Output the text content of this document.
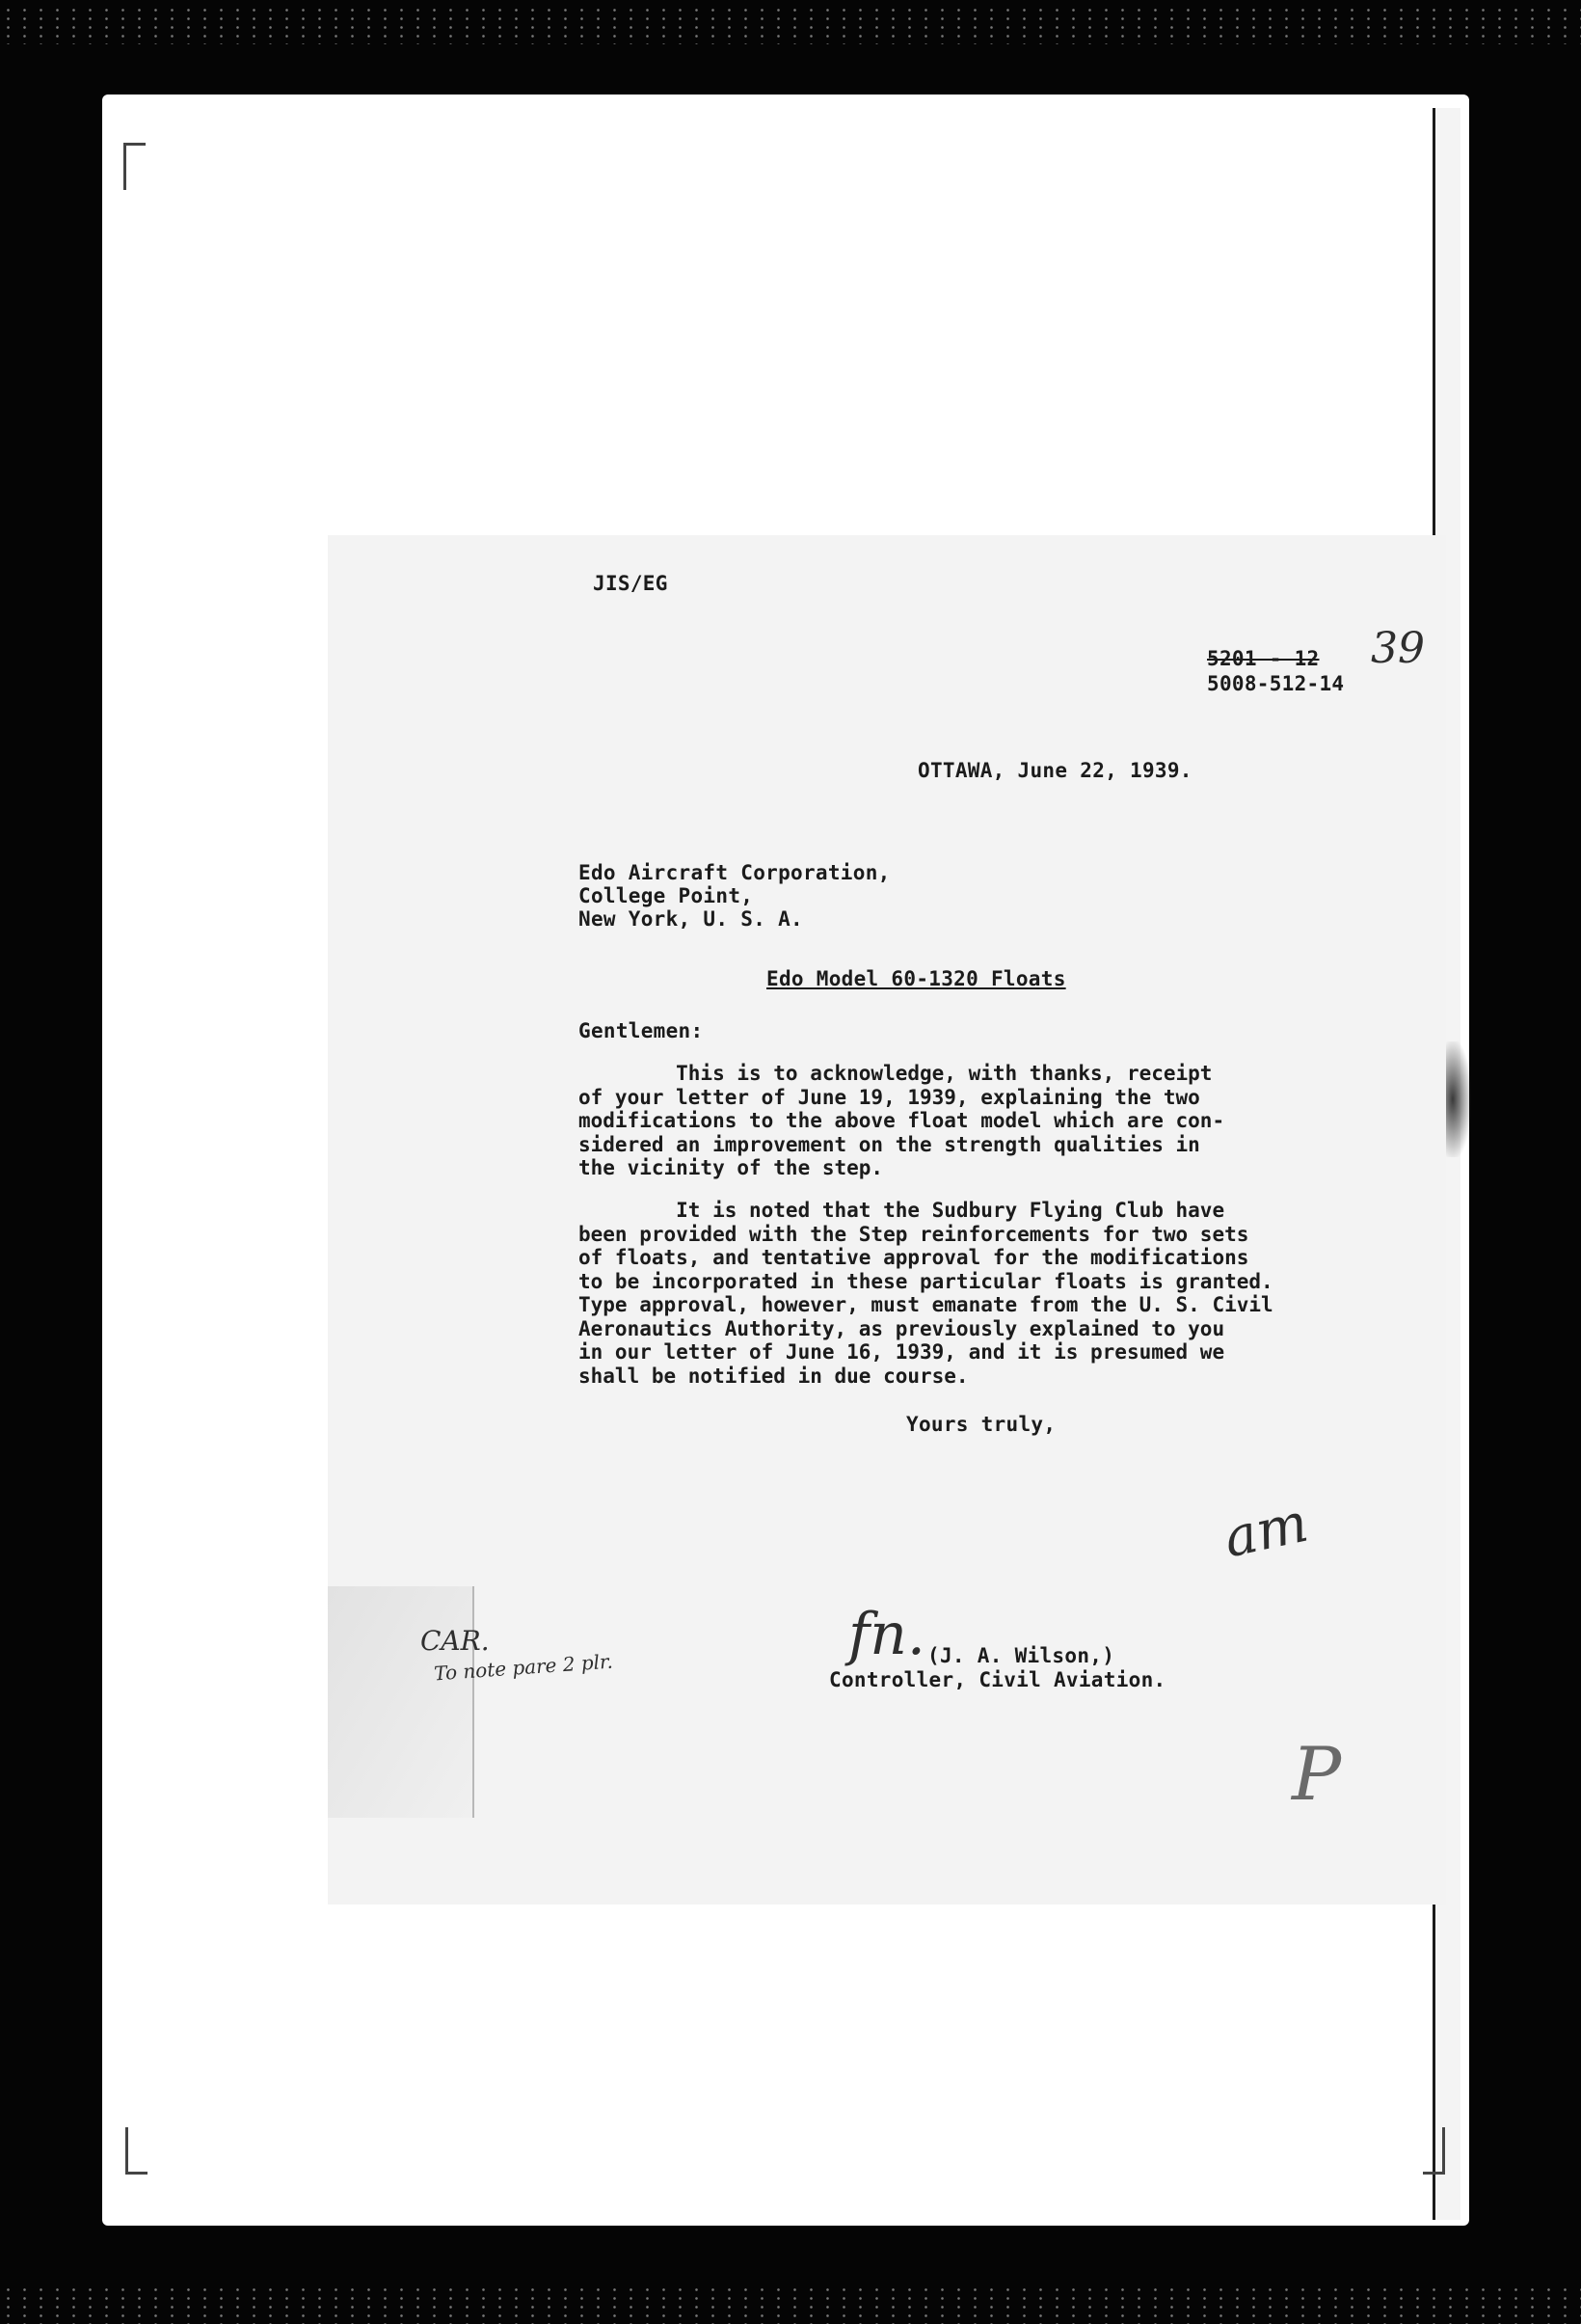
JIS/EG
5201 - 12
5008-512-14
39
OTTAWA, June 22, 1939.
Edo Aircraft Corporation,
College Point,
New York, U. S. A.
Edo Model 60-1320 Floats
Gentlemen:
This is to acknowledge, with thanks, receipt
of your letter of June 19, 1939, explaining the two
modifications to the above float model which are con-
sidered an improvement on the strength qualities in
the vicinity of the step.
It is noted that the Sudbury Flying Club have
been provided with the Step reinforcements for two sets
of floats, and tentative approval for the modifications
to be incorporated in these particular floats is granted.
Type approval, however, must emanate from the U. S. Civil
Aeronautics Authority, as previously explained to you
in our letter of June 16, 1939, and it is presumed we
shall be notified in due course.
Yours truly,
ат
fn. (J. A. Wilson,)
Controller, Civil Aviation.
CAR.
To note pare 2 plr.
P
